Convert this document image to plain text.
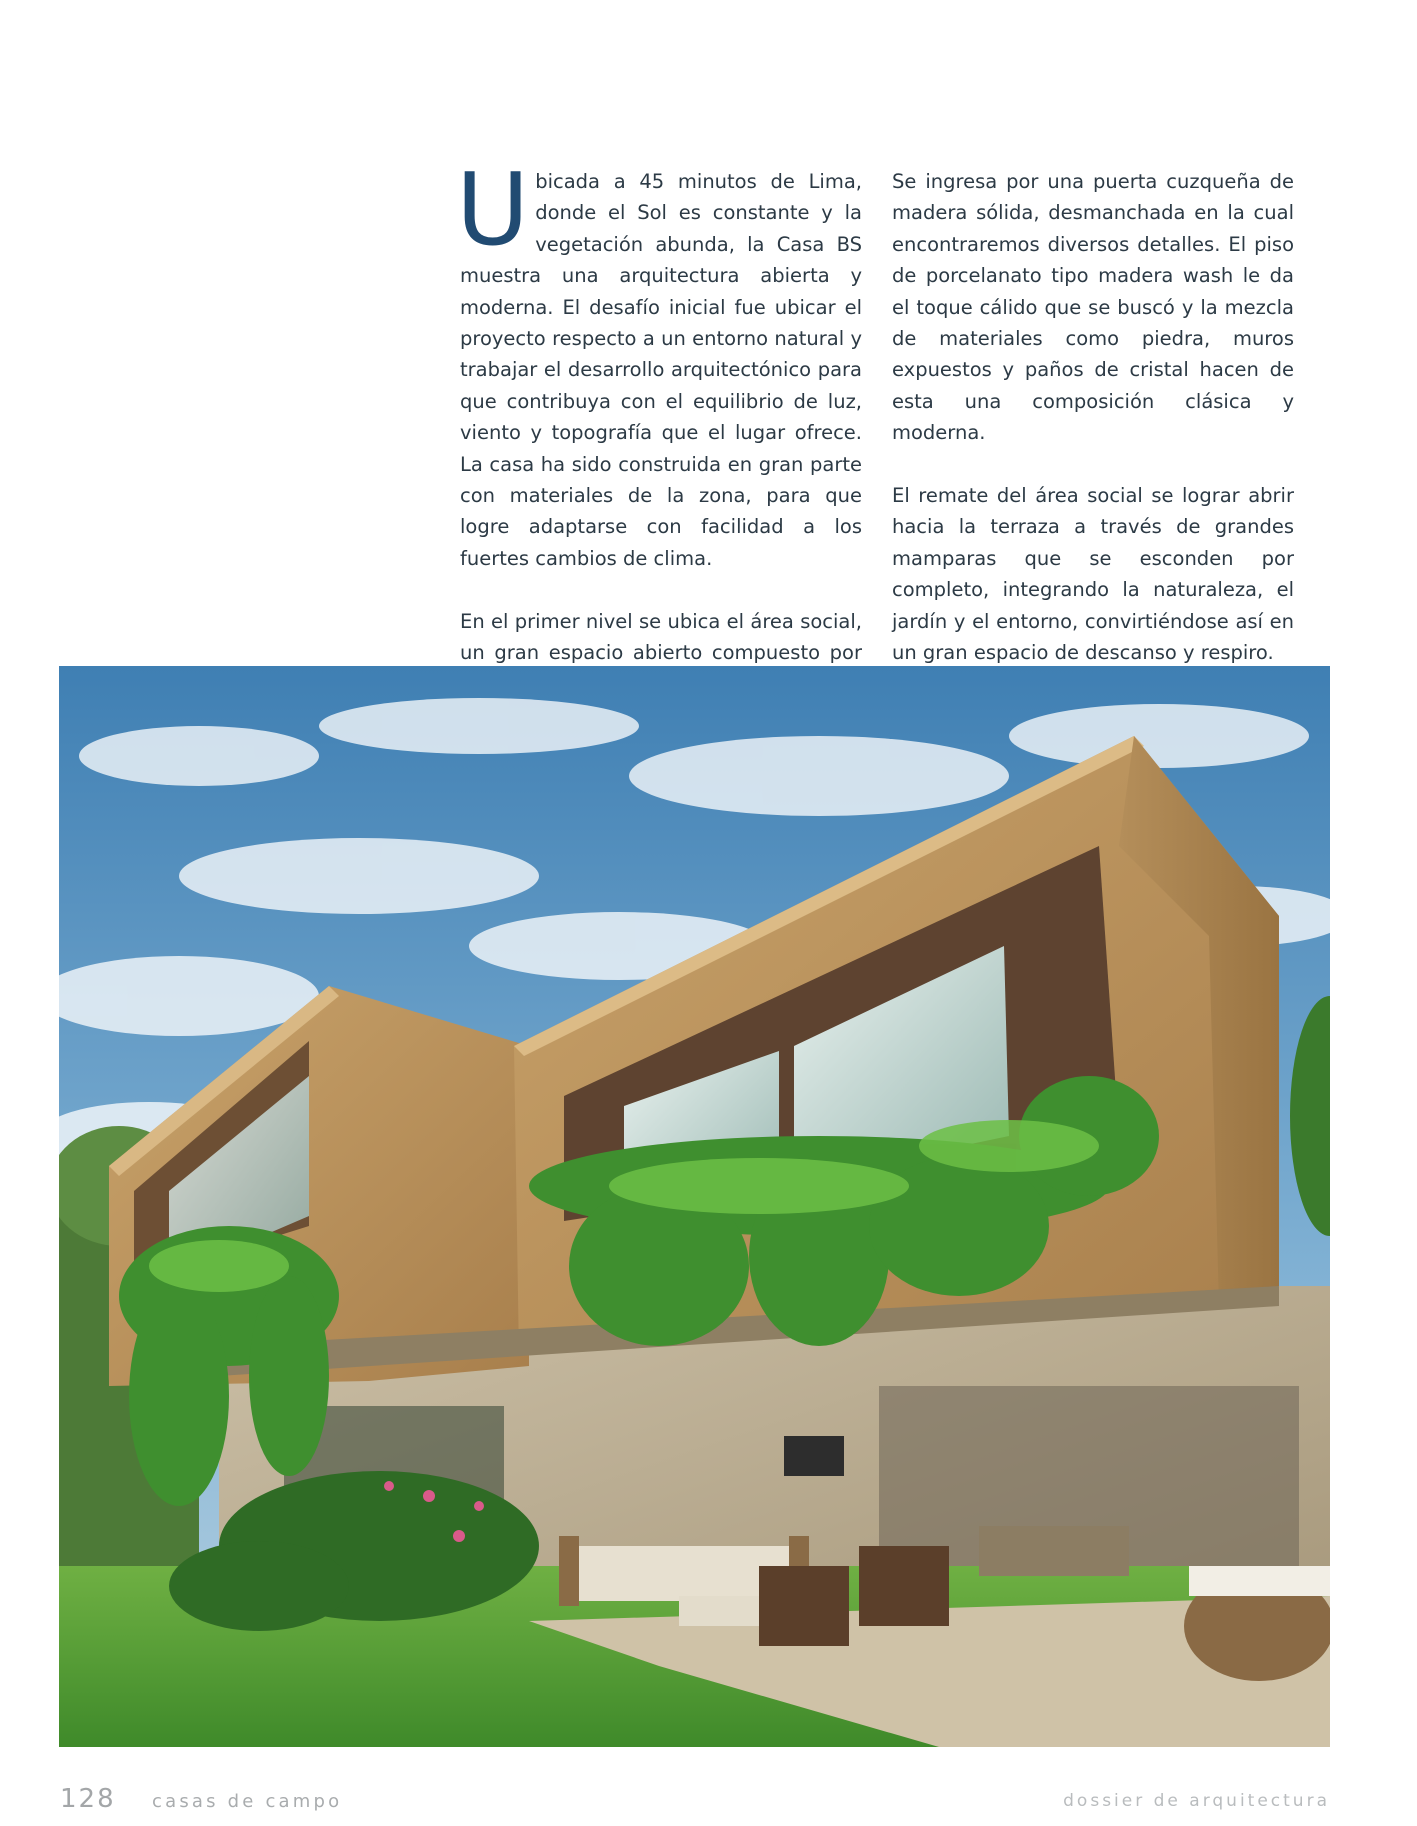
Ubicada a 45 minutos de Lima, donde el Sol es constante y la vegetación abunda, la Casa BS muestra una arquitectura abierta y moderna. El desafío inicial fue ubicar el proyecto respecto a un entorno natural y trabajar el desarrollo arquitectónico para que contribuya con el equilibrio de luz, viento y topografía que el lugar ofrece. La casa ha sido construida en gran parte con materiales de la zona, para que logre adaptarse con facilidad a los fuertes cambios de clima.

En el primer nivel se ubica el área social, un gran espacio abierto compuesto por

Se ingresa por una puerta cuzqueña de madera sólida, desmanchada en la cual encontraremos diversos detalles. El piso de porcelanato tipo madera wash le da el toque cálido que se buscó y la mezcla de materiales como piedra, muros expuestos y paños de cristal hacen de esta una composición clásica y moderna.

El remate del área social se lograr abrir hacia la terraza a través de grandes mamparas que se esconden por completo, integrando la naturaleza, el jardín y el entorno, convirtiéndose así en un gran espacio de descanso y respiro.

128 casas de campo	dossier de arquitectura
